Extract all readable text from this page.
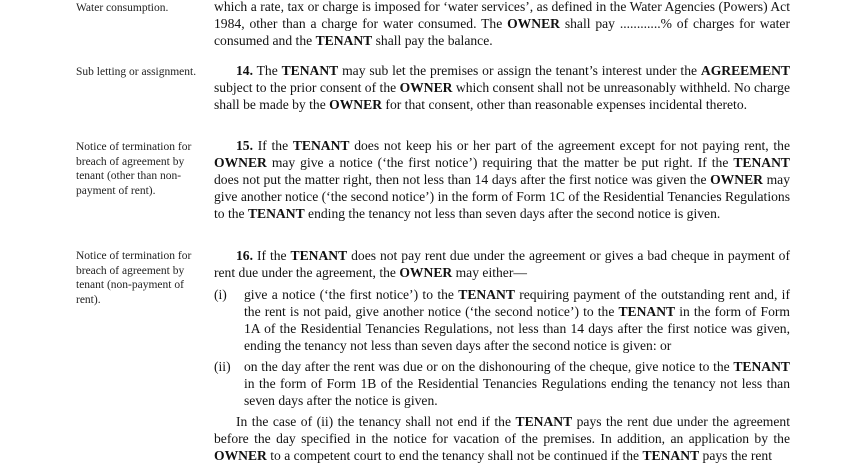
Water consumption.
Sub letting or assignment.
Notice of termination for breach of agreement by tenant (other than non-payment of rent).
Notice of termination for breach of agreement by tenant (non-payment of rent).

which a rate, tax or charge is imposed for ‘water services’, as defined in the Water Agencies (Powers) Act 1984, other than a charge for water consumed. The OWNER shall pay ............% of charges for water consumed and the TENANT shall pay the balance.

14. The TENANT may sub let the premises or assign the tenant’s interest under the AGREEMENT subject to the prior consent of the OWNER which consent shall not be unreasonably withheld. No charge shall be made by the OWNER for that consent, other than reasonable expenses incidental thereto.

15. If the TENANT does not keep his or her part of the agreement except for not paying rent, the OWNER may give a notice (‘the first notice’) requiring that the matter be put right. If the TENANT does not put the matter right, then not less than 14 days after the first notice was given the OWNER may give another notice (‘the second notice’) in the form of Form 1C of the Residential Tenancies Regulations to the TENANT ending the tenancy not less than seven days after the second notice is given.

16. If the TENANT does not pay rent due under the agreement or gives a bad cheque in payment of rent due under the agreement, the OWNER may either—

(i) give a notice (‘the first notice’) to the TENANT requiring payment of the outstanding rent and, if the rent is not paid, give another notice (‘the second notice’) to the TENANT in the form of Form 1A of the Residential Tenancies Regulations, not less than 14 days after the first notice was given, ending the tenancy not less than seven days after the second notice is given: or
(ii) on the day after the rent was due or on the dishonouring of the cheque, give notice to the TENANT in the form of Form 1B of the Residential Tenancies Regulations ending the tenancy not less than seven days after the notice is given.

In the case of (ii) the tenancy shall not end if the TENANT pays the rent due under the agreement before the day specified in the notice for vacation of the premises. In addition, an application by the OWNER to a competent court to end the tenancy shall not be continued if the TENANT pays the rent
